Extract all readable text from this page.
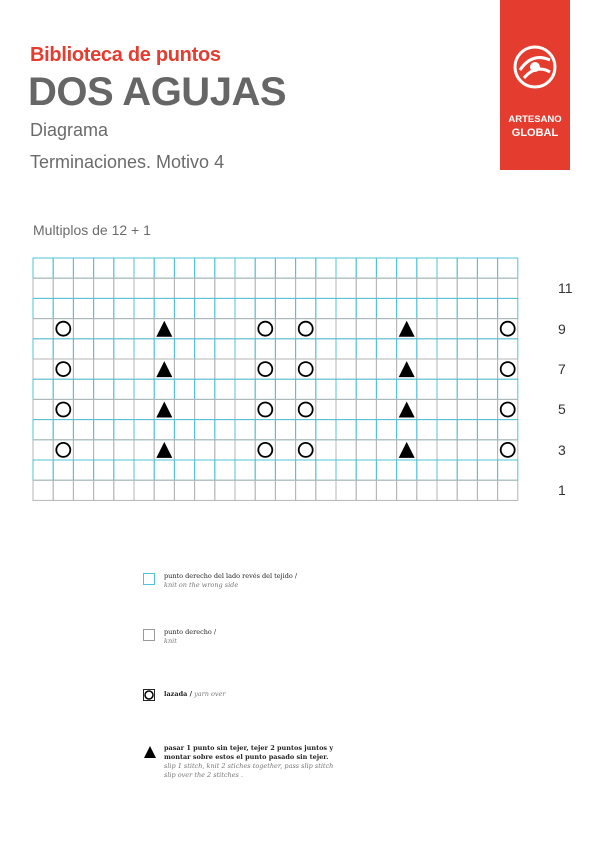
Biblioteca de puntos
DOS AGUJAS
Diagrama
Terminaciones. Motivo 4
ARTESANO
GLOBAL
Multiplos de 12 + 1
11
9
7
5
3
1
punto derecho del lado revés del tejido /
knit on the wrong side
punto derecho /
knit
lazada / yarn over
pasar 1 punto sin tejer, tejer 2 puntos juntos y montar sobre estos el punto pasado sin tejer.
slip 1 stitch, knit 2 stiches together, pass slip stitch slip over the 2 stitches .
